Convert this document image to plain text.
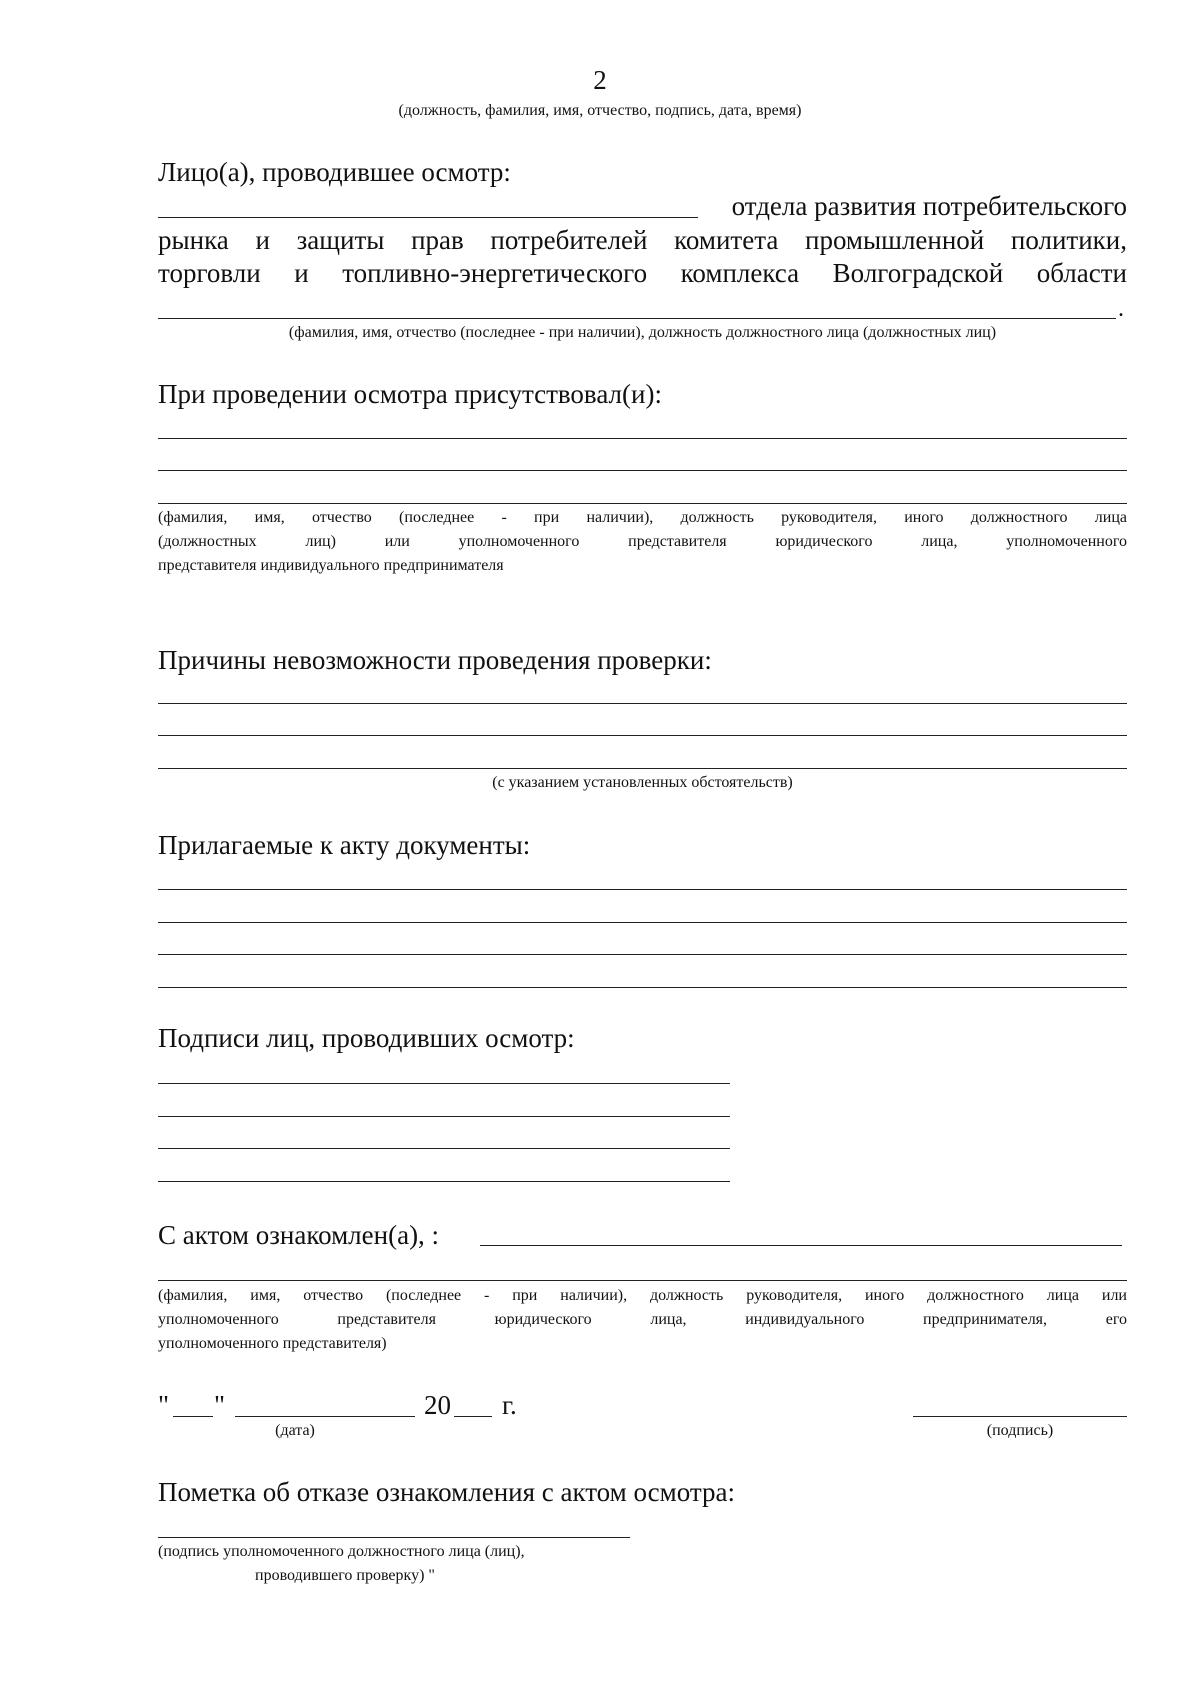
2
(должность, фамилия, имя, отчество, подпись, дата, время)
Лицо(а), проводившее осмотр:
отдела развития потребительского
рынка и защиты прав потребителей комитета промышленной политики,
торговли и топливно-энергетического комплекса Волгоградской области
.
(фамилия, имя, отчество (последнее - при наличии), должность должностного лица (должностных лиц)
При проведении осмотра присутствовал(и):
(фамилия, имя, отчество (последнее - при наличии), должность руководителя, иного должностного лица
(должностных лиц) или уполномоченного представителя юридического лица, уполномоченного
представителя индивидуального предпринимателя
Причины невозможности проведения проверки:
(с указанием установленных обстоятельств)
Прилагаемые к акту документы:
Подписи лиц, проводивших осмотр:
С актом ознакомлен(а), :
(фамилия, имя, отчество (последнее - при наличии), должность руководителя, иного должностного лица или
уполномоченного представителя юридического лица, индивидуального предпринимателя, его
уполномоченного представителя)
" "	20 г.
(дата)	(подпись)
Пометка об отказе ознакомления с актом осмотра:
(подпись уполномоченного должностного лица (лиц),
проводившего проверку) "
